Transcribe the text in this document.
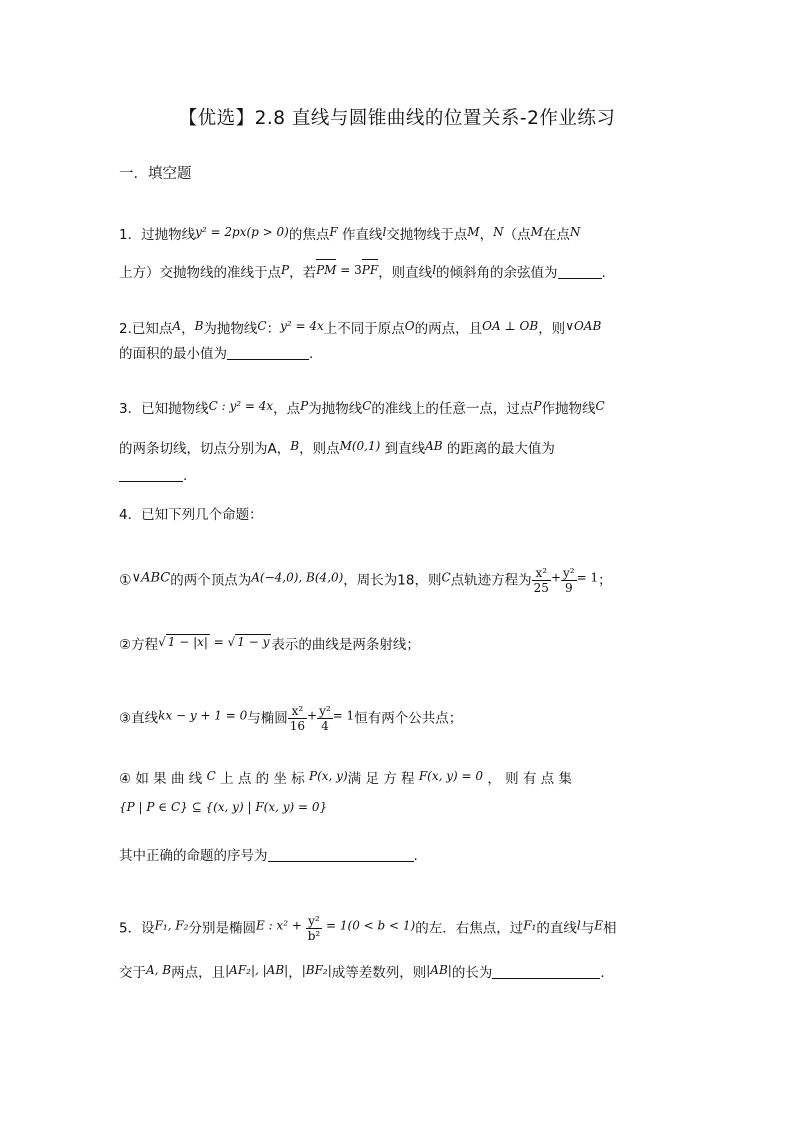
【优选】2.8 直线与圆锥曲线的位置关系-2作业练习
一．填空题
1．过抛物线y² = 2px(p > 0)的焦点F 作直线l交抛物线于点M，N（点M在点N
上方）交抛物线的准线于点P，若PM = 3PF，则直线l的倾斜角的余弦值为	.
2.已知点A，B为抛物线C：y² = 4x上不同于原点O的两点，且OA ⊥ OB，则∨OAB
的面积的最小值为	.
3．已知抛物线C : y² = 4x，点P为抛物线C的准线上的任意一点，过点P作抛物线C
的两条切线，切点分别为A，B，则点M(0,1) 到直线AB 的距离的最大值为
.
4．已知下列几个命题：
①∨ABC的两个顶点为A(−4,0), B(4,0)，周长为18，则C点轨迹方程为 $\frac{\text{x²}}{25} + \frac{\text{y²}}{9} = 1$；
②方程√ 1 − |x| = √ 1 − y 表示的曲线是两条射线；
③直线kx − y + 1 = 0与椭圆 $\frac{\text{x²}}{16} + \frac{\text{y²}}{4} = 1$恒有两个公共点；
④ 如 果 曲 线 C 上 点 的 坐 标 P(x, y)满 足 方 程 F(x, y) = 0 ， 则 有 点 集
{P | P ∈ C} ⊆ {(x, y) | F(x, y) = 0}
其中正确的命题的序号为	.
5．设F₁, F₂分别是椭圆E : $x^2 + \frac{\text{y²}}{\text{b²}} = 1(0 < b < 1)$的左．右焦点，过F₁的直线l与E相
交于A, B两点，且|AF₂|, |AB|，|BF₂|成等差数列，则|AB|的长为	.
